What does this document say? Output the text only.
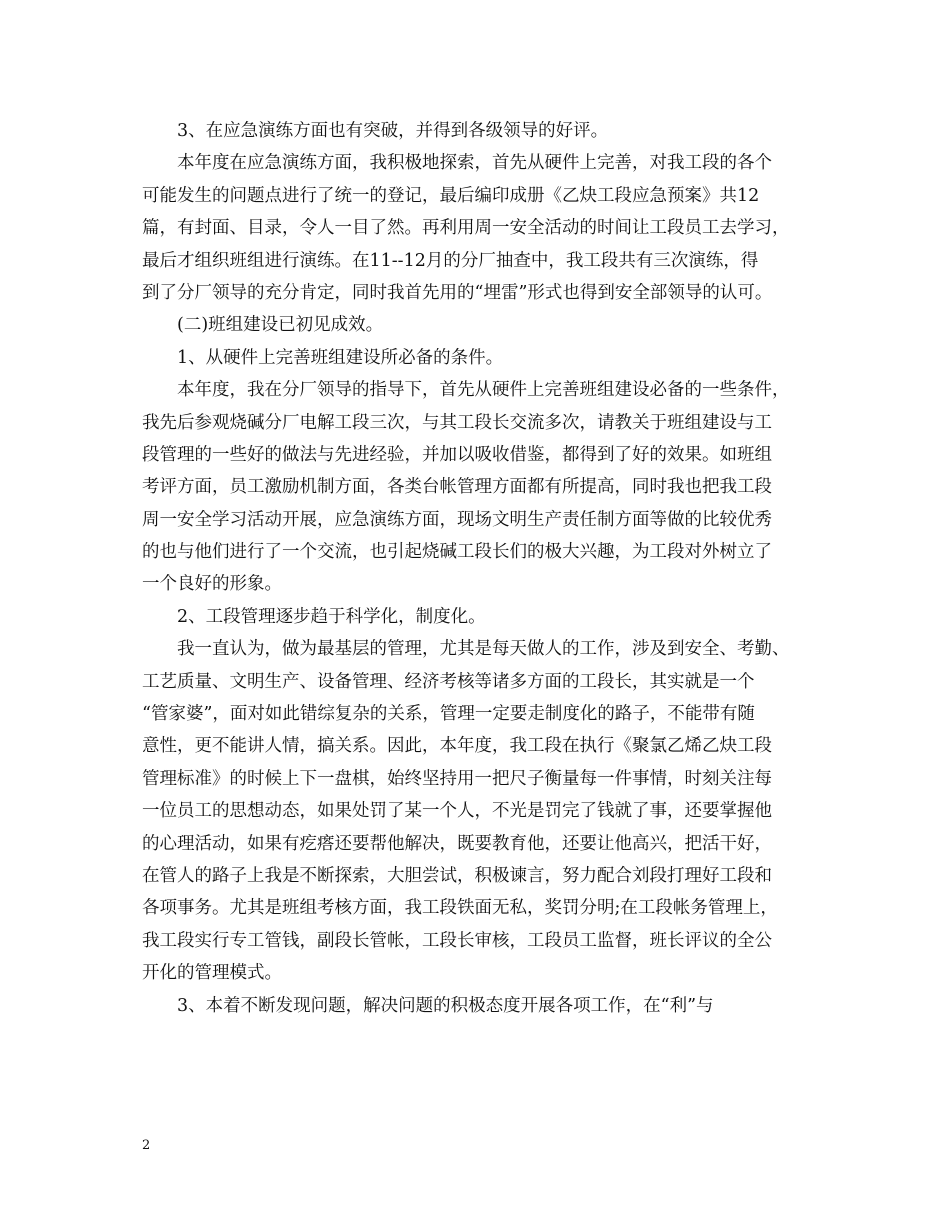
3、在应急演练方面也有突破，并得到各级领导的好评。

本年度在应急演练方面，我积极地探索，首先从硬件上完善，对我工段的各个

可能发生的问题点进行了统一的登记，最后编印成册《乙炔工段应急预案》共12

篇，有封面、目录，令人一目了然。再利用周一安全活动的时间让工段员工去学习，

最后才组织班组进行演练。在11--12月的分厂抽查中，我工段共有三次演练，得

到了分厂领导的充分肯定，同时我首先用的“埋雷”形式也得到安全部领导的认可。

(二)班组建设已初见成效。

1、从硬件上完善班组建设所必备的条件。

本年度，我在分厂领导的指导下，首先从硬件上完善班组建设必备的一些条件，

我先后参观烧碱分厂电解工段三次，与其工段长交流多次，请教关于班组建设与工

段管理的一些好的做法与先进经验，并加以吸收借鉴，都得到了好的效果。如班组

考评方面，员工激励机制方面，各类台帐管理方面都有所提高，同时我也把我工段

周一安全学习活动开展，应急演练方面，现场文明生产责任制方面等做的比较优秀

的也与他们进行了一个交流，也引起烧碱工段长们的极大兴趣，为工段对外树立了

一个良好的形象。

2、工段管理逐步趋于科学化，制度化。

我一直认为，做为最基层的管理，尤其是每天做人的工作，涉及到安全、考勤、

工艺质量、文明生产、设备管理、经济考核等诸多方面的工段长，其实就是一个

“管家婆”，面对如此错综复杂的关系，管理一定要走制度化的路子，不能带有随

意性，更不能讲人情，搞关系。因此，本年度，我工段在执行《聚氯乙烯乙炔工段

管理标准》的时候上下一盘棋，始终坚持用一把尺子衡量每一件事情，时刻关注每

一位员工的思想动态，如果处罚了某一个人，不光是罚完了钱就了事，还要掌握他

的心理活动，如果有疙瘩还要帮他解决，既要教育他，还要让他高兴，把活干好，

在管人的路子上我是不断探索，大胆尝试，积极谏言，努力配合刘段打理好工段和

各项事务。尤其是班组考核方面，我工段铁面无私，奖罚分明;在工段帐务管理上，

我工段实行专工管钱，副段长管帐，工段长审核，工段员工监督，班长评议的全公

开化的管理模式。

3、本着不断发现问题，解决问题的积极态度开展各项工作，在“利”与

2
